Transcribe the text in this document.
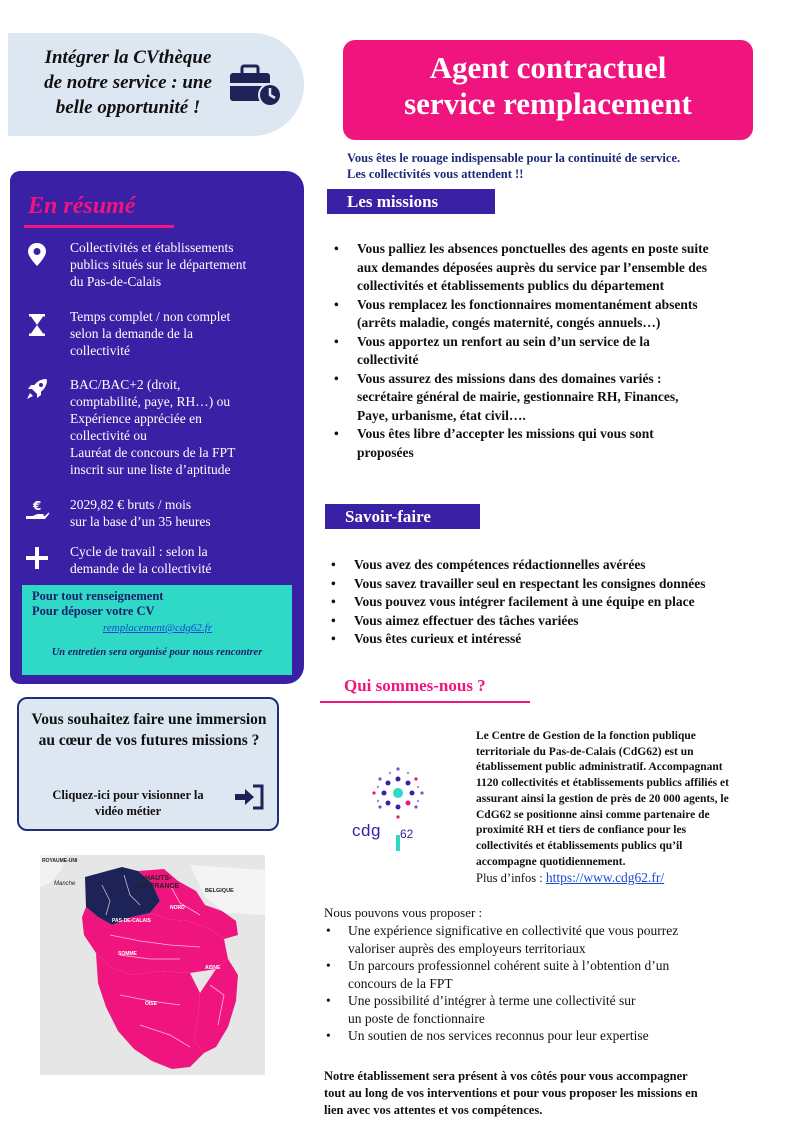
Intégrer la CVthèque
de notre service : une
belle opportunité !
Agent contractuel
service remplacement
Vous êtes le rouage indispensable pour la continuité de service.
Les collectivités vous attendent !!
En résumé
Collectivités et établissements
publics situés sur le département
du Pas-de-Calais
Temps complet / non complet
selon la demande de la
collectivité
BAC/BAC+2 (droit,
comptabilité, paye, RH…) ou
Expérience appréciée en
collectivité ou
Lauréat de concours de la FPT
inscrit sur une liste d’aptitude
€ 2029,82 € bruts / mois
sur la base d’un 35 heures
Cycle de travail : selon la
demande de la collectivité
Pour tout renseignement
Pour déposer votre CV
remplacement@cdg62.fr
Un entretien sera organisé pour nous rencontrer
Vous souhaitez faire une immersion au cœur de vos futures missions ?
Cliquez-ici pour visionner la
vidéo métier
ROYAUME-UNI
Manche
HAUTS-
DE-FRANCE
BELGIQUE
PAS-DE-CALAIS
NORD
SOMME
AISNE
OISE
Les missions
• Vous palliez les absences ponctuelles des agents en poste suite
aux demandes déposées auprès du service par l’ensemble des
collectivités et établissements publics du département
• Vous remplacez les fonctionnaires momentanément absents
(arrêts maladie, congés maternité, congés annuels…)
• Vous apportez un renfort au sein d’un service de la
collectivité
• Vous assurez des missions dans des domaines variés :
secrétaire général de mairie, gestionnaire RH, Finances,
Paye, urbanisme, état civil….
• Vous êtes libre d’accepter les missions qui vous sont
proposées
Savoir-faire
• Vous avez des compétences rédactionnelles avérées
• Vous savez travailler seul en respectant les consignes données
• Vous pouvez vous intégrer facilement à une équipe en place
• Vous aimez effectuer des tâches variées
• Vous êtes curieux et intéressé
Qui sommes-nous ?
cdg 62
Le Centre de Gestion de la fonction publique
territoriale du Pas-de-Calais (CdG62) est un
établissement public administratif. Accompagnant
1120 collectivités et établissements publics affiliés et
assurant ainsi la gestion de près de 20 000 agents, le
CdG62 se positionne ainsi comme partenaire de
proximité RH et tiers de confiance pour les
collectivités et établissements publics qu’il
accompagne quotidiennement.
Plus d’infos : https://www.cdg62.fr/
Nous pouvons vous proposer :
• Une expérience significative en collectivité que vous pourrez
valoriser auprès des employeurs territoriaux
• Un parcours professionnel cohérent suite à l’obtention d’un
concours de la FPT
• Une possibilité d’intégrer à terme une collectivité sur
un poste de fonctionnaire
• Un soutien de nos services reconnus pour leur expertise
Notre établissement sera présent à vos côtés pour vous accompagner
tout au long de vos interventions et pour vous proposer les missions en
lien avec vos attentes et vos compétences.
